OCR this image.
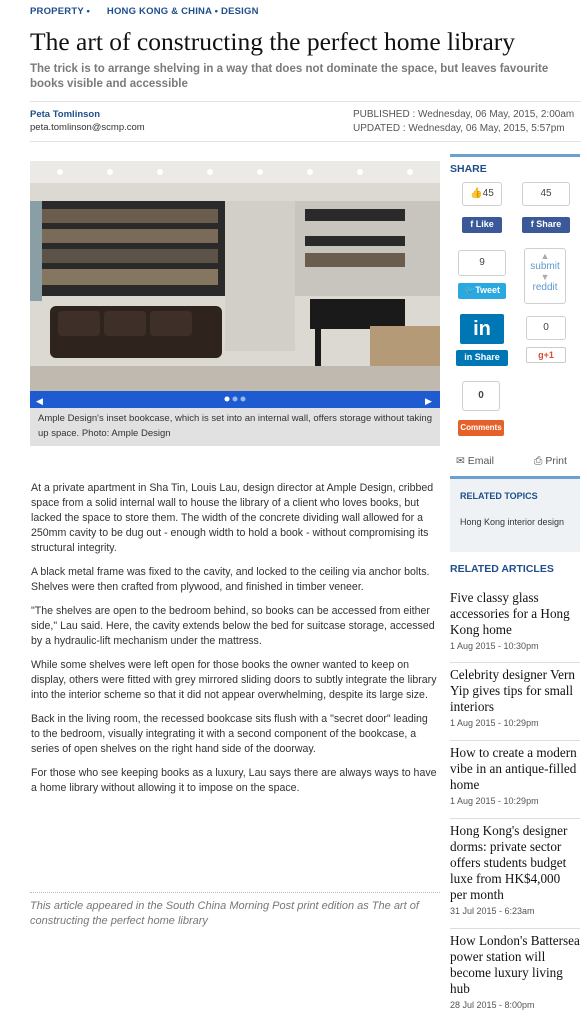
PROPERTY • HONG KONG & CHINA • DESIGN
The art of constructing the perfect home library
The trick is to arrange shelving in a way that does not dominate the space, but leaves favourite books visible and accessible
Peta Tomlinson
peta.tomlinson@scmp.com
PUBLISHED : Wednesday, 06 May, 2015, 2:00am
UPDATED : Wednesday, 06 May, 2015, 5:57pm
◀	▶
Ample Design's inset bookcase, which is set into an internal wall, offers storage without taking up space. Photo: Ample Design

At a private apartment in Sha Tin, Louis Lau, design director at Ample Design, cribbed space from a solid internal wall to house the library of a client who loves books, but lacked the space to store them. The width of the concrete dividing wall allowed for a 250mm cavity to be dug out - enough width to hold a book - without compromising its structural integrity.

A black metal frame was fixed to the cavity, and locked to the ceiling via anchor bolts. Shelves were then crafted from plywood, and finished in timber veneer.

"The shelves are open to the bedroom behind, so books can be accessed from either side," Lau said. Here, the cavity extends below the bed for suitcase storage, accessed by a hydraulic-lift mechanism under the mattress.

While some shelves were left open for those books the owner wanted to keep on display, others were fitted with grey mirrored sliding doors to subtly integrate the library into the interior scheme so that it did not appear overwhelming, despite its large size.

Back in the living room, the recessed bookcase sits flush with a "secret door" leading to the bedroom, visually integrating it with a second component of the bookcase, a series of open shelves on the right hand side of the doorway.

For those who see keeping books as a luxury, Lau says there are always ways to have a home library without allowing it to impose on the space.

This article appeared in the South China Morning Post print edition as The art of constructing the perfect home library
SHARE
👍45
f Like
45
f Share
9
🐦Tweet
▲
submit
▼
reddit
in
in Share
0
g+1
0
Comments
✉ Email	⎙ Print
RELATED TOPICS
Hong Kong interior design
RELATED ARTICLES
Five classy glass accessories for a Hong Kong home
1 Aug 2015 - 10:30pm
Celebrity designer Vern Yip gives tips for small interiors
1 Aug 2015 - 10:29pm
How to create a modern vibe in an antique-filled home
1 Aug 2015 - 10:29pm
Hong Kong's designer dorms: private sector offers students budget luxe from HK$4,000 per month
31 Jul 2015 - 6:23am
How London's Battersea power station will become luxury living hub
28 Jul 2015 - 8:00pm
